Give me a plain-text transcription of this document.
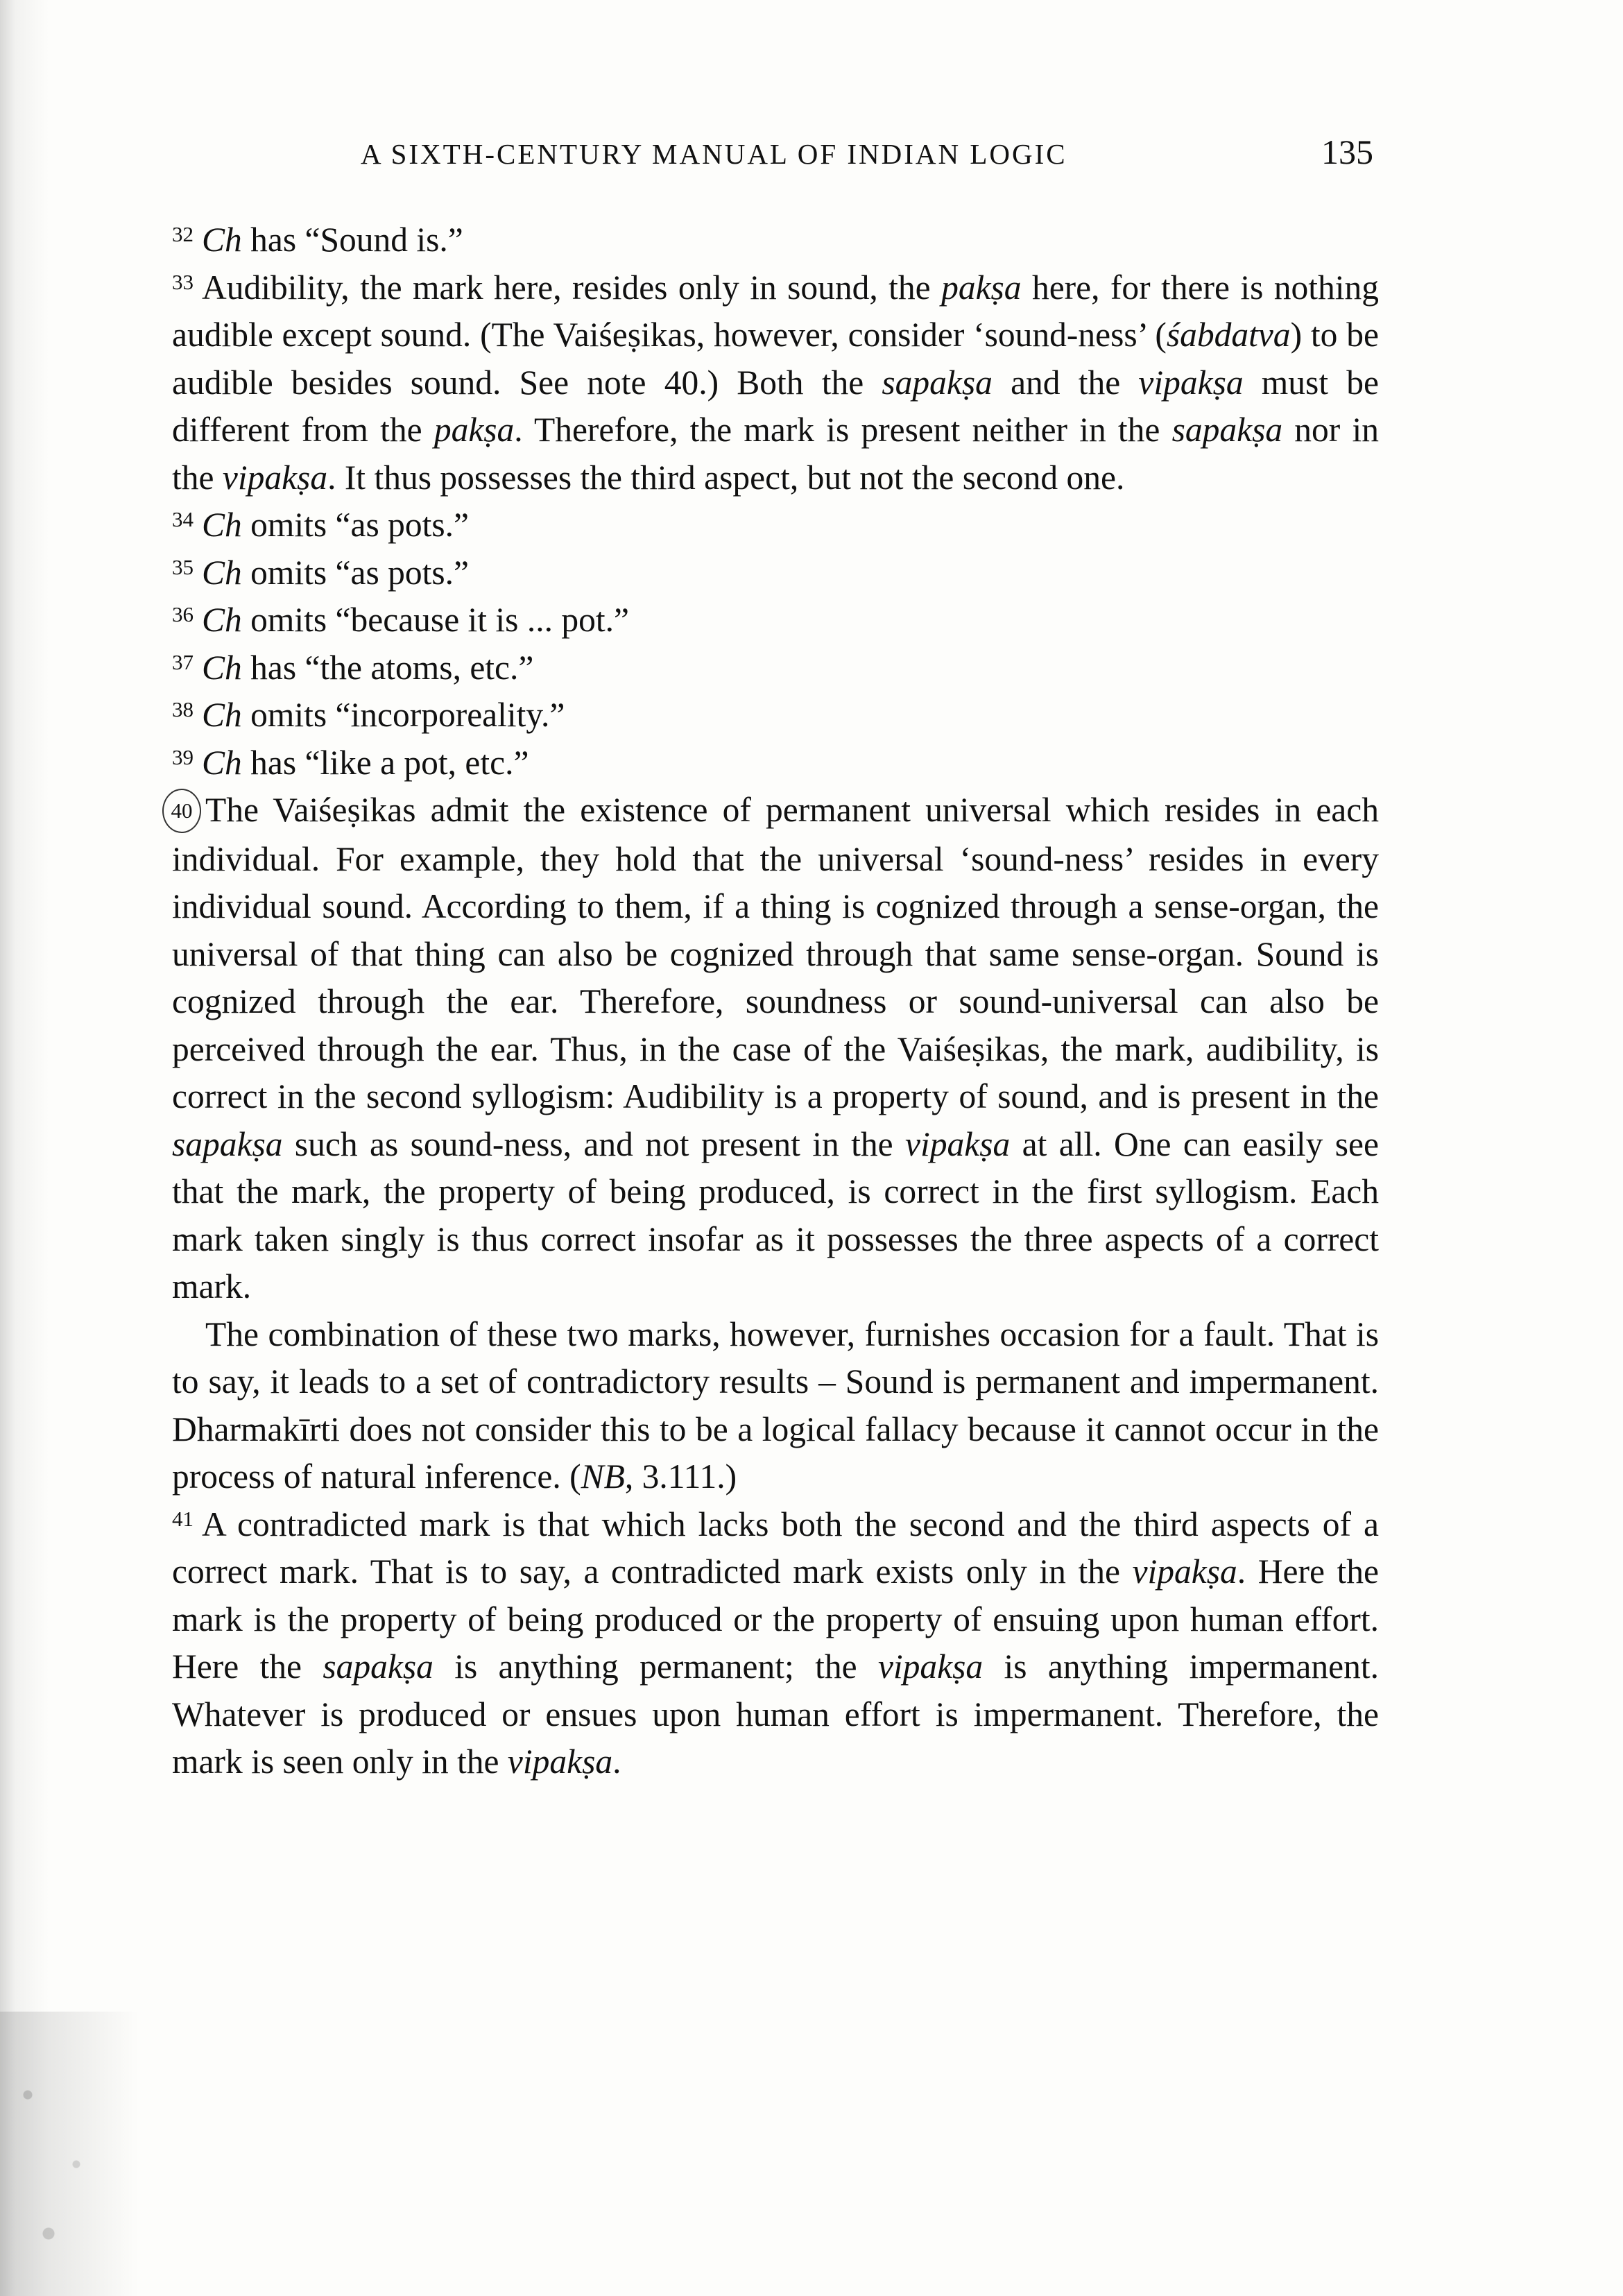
A SIXTH-CENTURY MANUAL OF INDIAN LOGIC	135

$^{32}$ Ch has “Sound is.”

$^{33}$ Audibility, the mark here, resides only in sound, the pakṣa here, for there is nothing audible except sound. (The Vaiśeṣikas, however, consider ‘sound-ness’ (śabdatva) to be audible besides sound. See note 40.) Both the sapakṣa and the vipakṣa must be different from the pakṣa. Therefore, the mark is present neither in the sapakṣa nor in the vipakṣa. It thus possesses the third aspect, but not the second one.

$^{34}$ Ch omits “as pots.”

$^{35}$ Ch omits “as pots.”

$^{36}$ Ch omits “because it is ... pot.”

$^{37}$ Ch has “the atoms, etc.”

$^{38}$ Ch omits “incorporeality.”

$^{39}$ Ch has “like a pot, etc.”

40 The Vaiśeṣikas admit the existence of permanent universal which resides in each individual. For example, they hold that the universal ‘sound-ness’ resides in every individual sound. According to them, if a thing is cognized through a sense-organ, the universal of that thing can also be cognized through that same sense-organ. Sound is cognized through the ear. Therefore, soundness or sound-universal can also be perceived through the ear. Thus, in the case of the Vaiśeṣikas, the mark, audibility, is correct in the second syllogism: Audibility is a property of sound, and is present in the sapakṣa such as sound-ness, and not present in the vipakṣa at all. One can easily see that the mark, the property of being produced, is correct in the first syllogism. Each mark taken singly is thus correct insofar as it possesses the three aspects of a correct mark.

The combination of these two marks, however, furnishes occasion for a fault. That is to say, it leads to a set of contradictory results – Sound is permanent and impermanent. Dharmakīrti does not consider this to be a logical fallacy because it cannot occur in the process of natural inference. (NB, 3.111.)

$^{41}$ A contradicted mark is that which lacks both the second and the third aspects of a correct mark. That is to say, a contradicted mark exists only in the vipakṣa. Here the mark is the property of being produced or the property of ensuing upon human effort. Here the sapakṣa is anything permanent; the vipakṣa is anything impermanent. Whatever is produced or ensues upon human effort is impermanent. Therefore, the mark is seen only in the vipakṣa.
